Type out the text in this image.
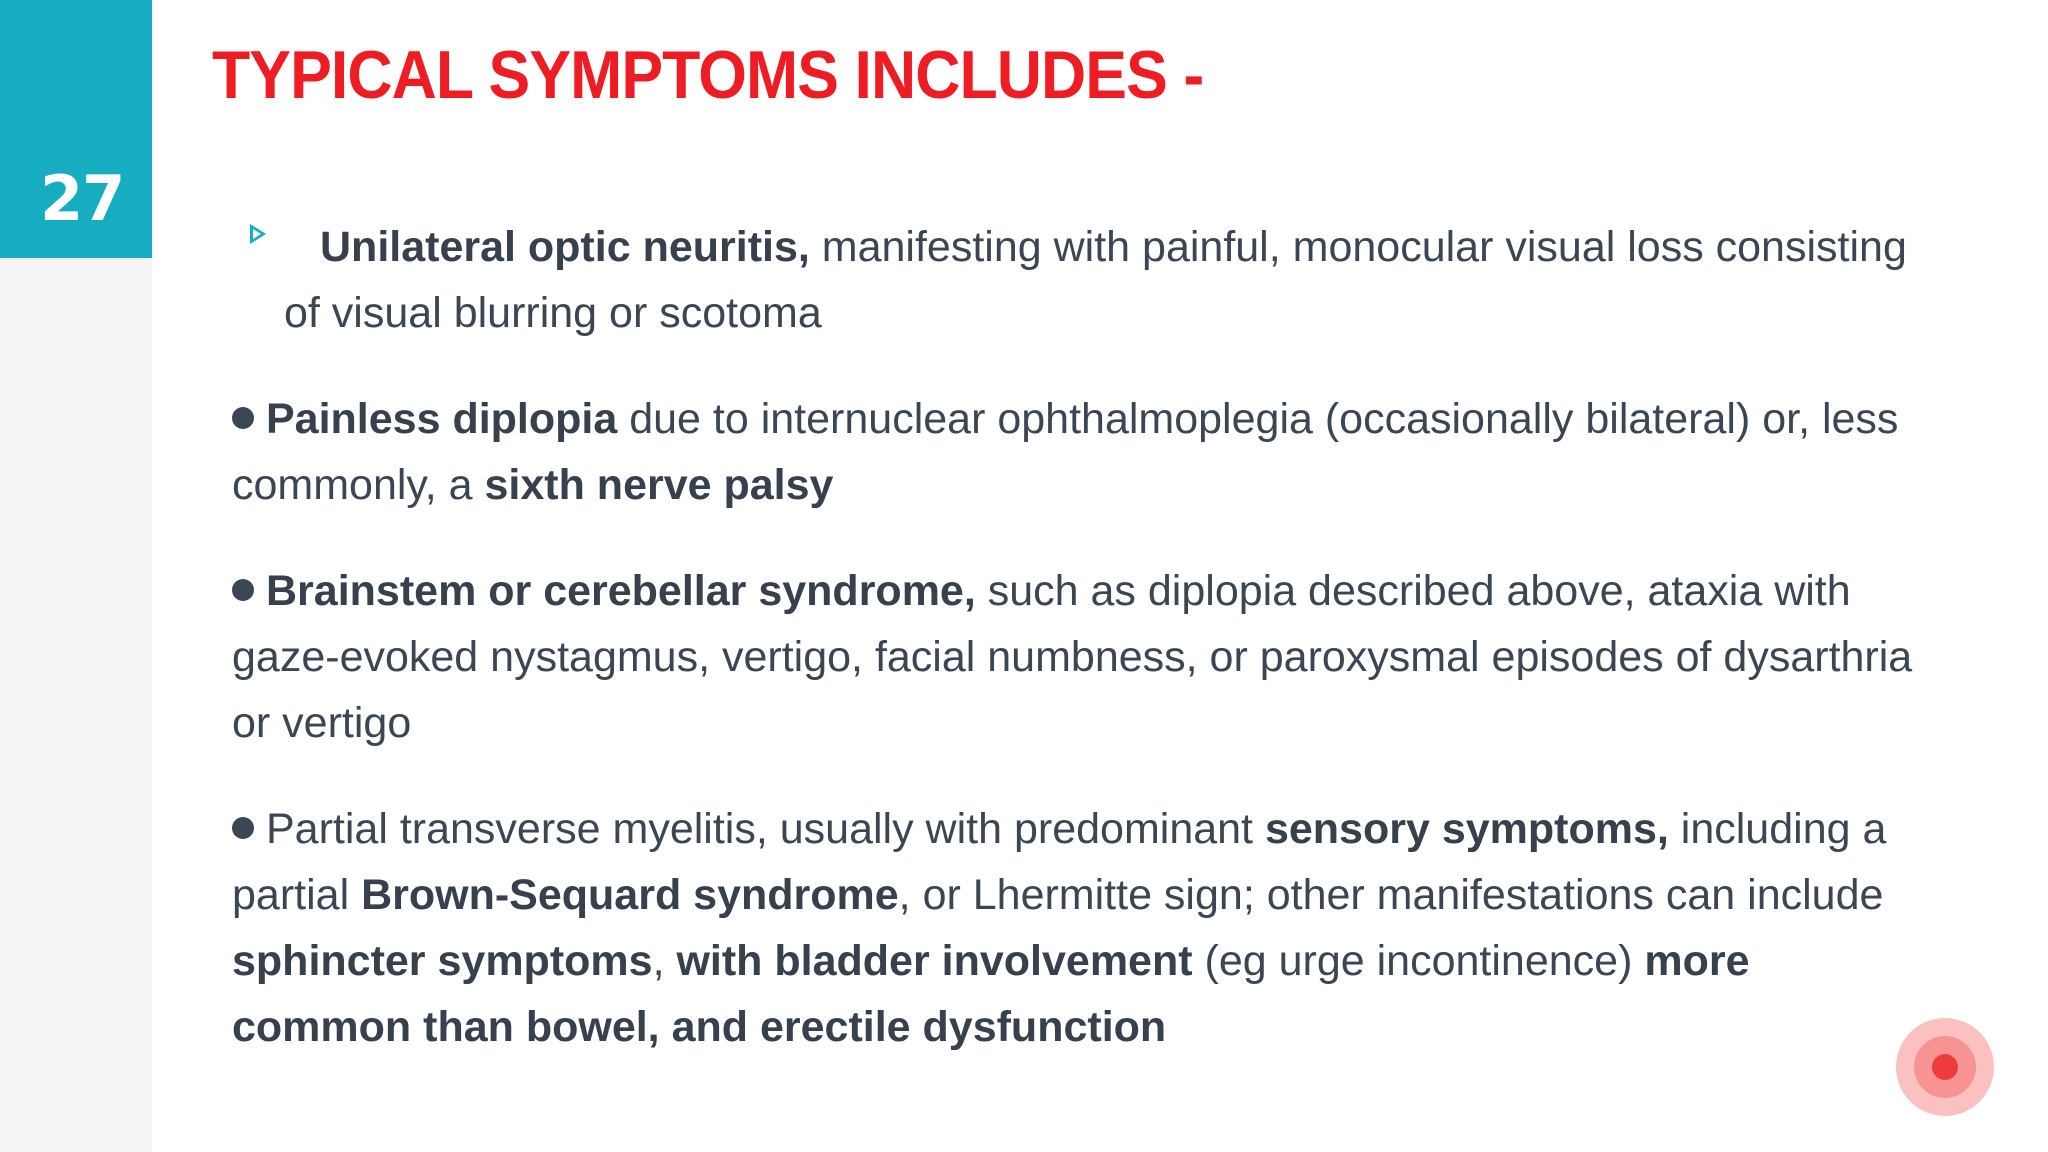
27
TYPICAL SYMPTOMS INCLUDES -

Unilateral optic neuritis, manifesting with painful, monocular visual loss consisting of visual blurring or scotoma

Painless diplopia due to internuclear ophthalmoplegia (occasionally bilateral) or, less commonly, a sixth nerve palsy

Brainstem or cerebellar syndrome, such as diplopia described above, ataxia with gaze-evoked nystagmus, vertigo, facial numbness, or paroxysmal episodes of dysarthria or vertigo

Partial transverse myelitis, usually with predominant sensory symptoms, including a partial Brown-Sequard syndrome, or Lhermitte sign; other manifestations can include sphincter symptoms, with bladder involvement (eg urge incontinence) more common than bowel, and erectile dysfunction
